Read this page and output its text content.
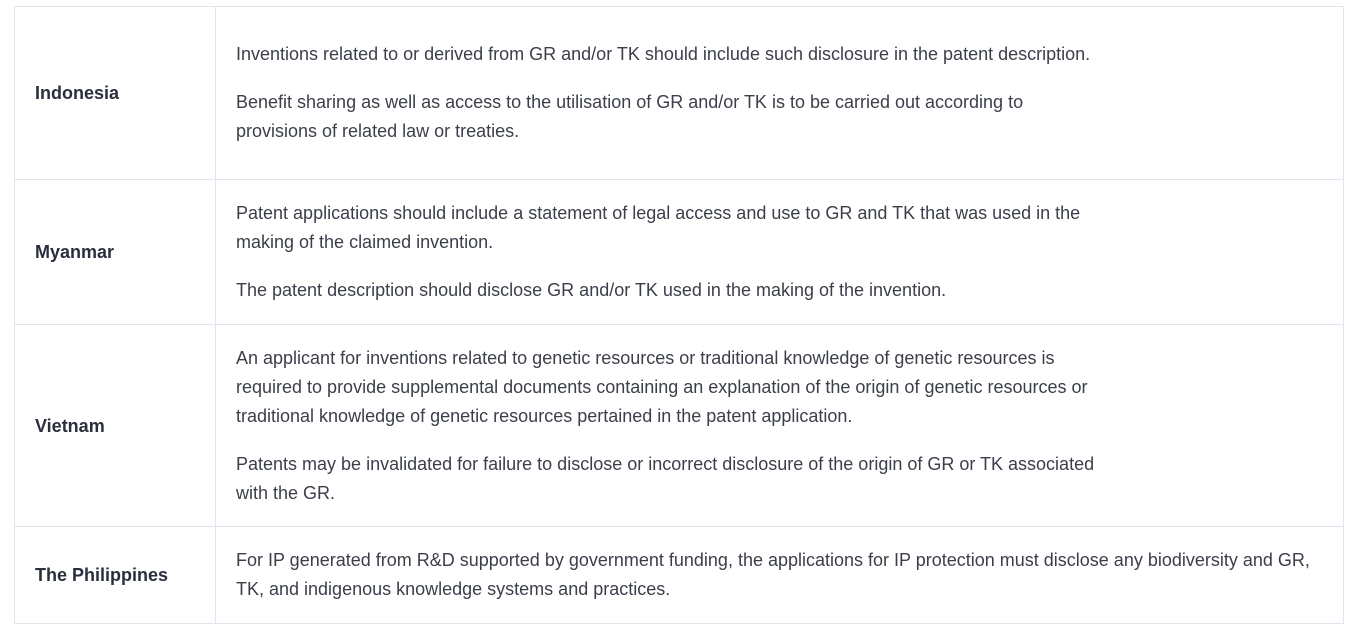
Indonesia	Inventions related to or derived from GR and/or TK should include such disclosure in the patent description.

Benefit sharing as well as access to the utilisation of GR and/or TK is to be carried out according to provisions of related law or treaties.

Myanmar	Patent applications should include a statement of legal access and use to GR and TK that was used in the making of the claimed invention.

The patent description should disclose GR and/or TK used in the making of the invention.

Vietnam	An applicant for inventions related to genetic resources or traditional knowledge of genetic resources is required to provide supplemental documents containing an explanation of the origin of genetic resources or traditional knowledge of genetic resources pertained in the patent application.

Patents may be invalidated for failure to disclose or incorrect disclosure of the origin of GR or TK associated with the GR.

The Philippines	For IP generated from R&D supported by government funding, the applications for IP protection must disclose any biodiversity and GR, TK, and indigenous knowledge systems and practices.
